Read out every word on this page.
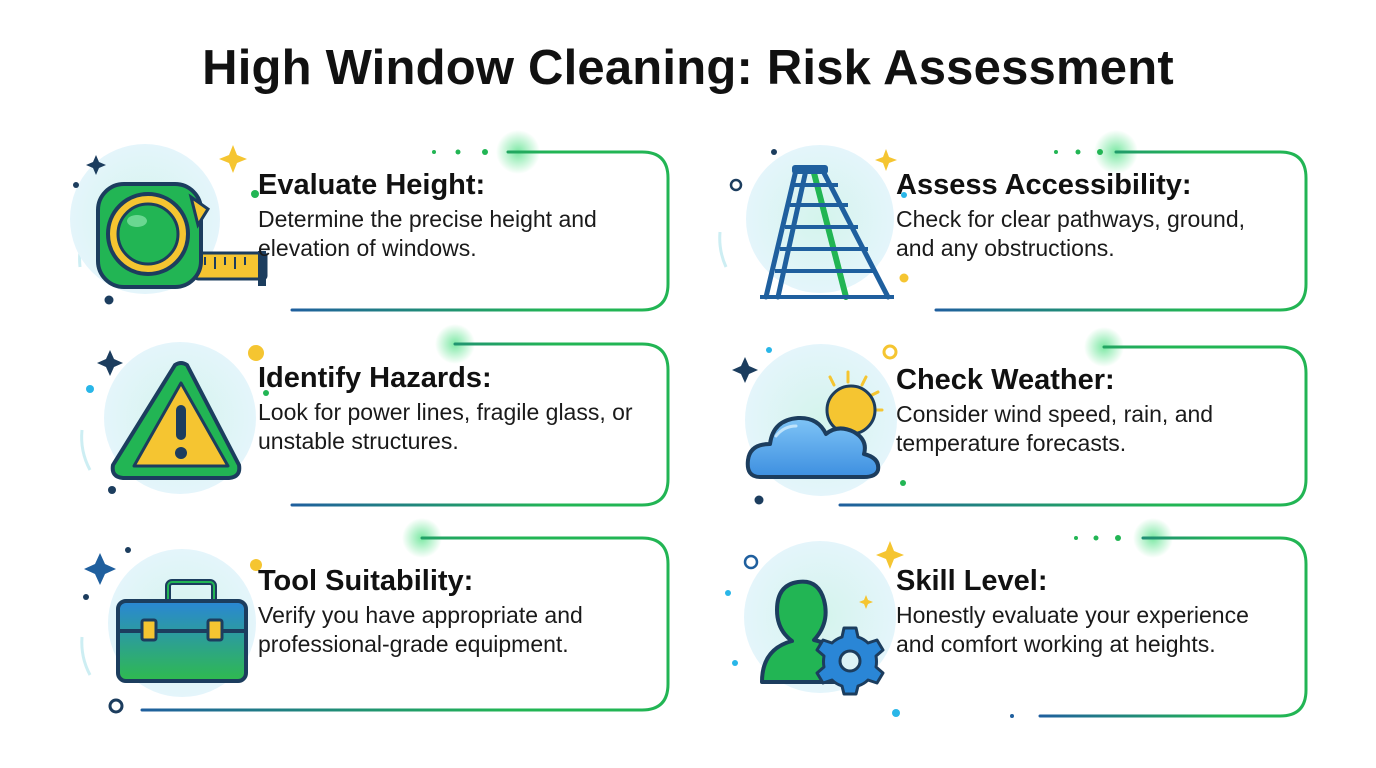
High Window Cleaning: Risk Assessment
Evaluate Height:
Determine the precise height and elevation of windows.
Assess Accessibility:
Check for clear pathways, ground, and any obstructions.
Identify Hazards:
Look for power lines, fragile glass, or unstable structures.
Check Weather:
Consider wind speed, rain, and temperature forecasts.
Tool Suitability:
Verify you have appropriate and professional-grade equipment.
Skill Level:
Honestly evaluate your experience and comfort working at heights.
